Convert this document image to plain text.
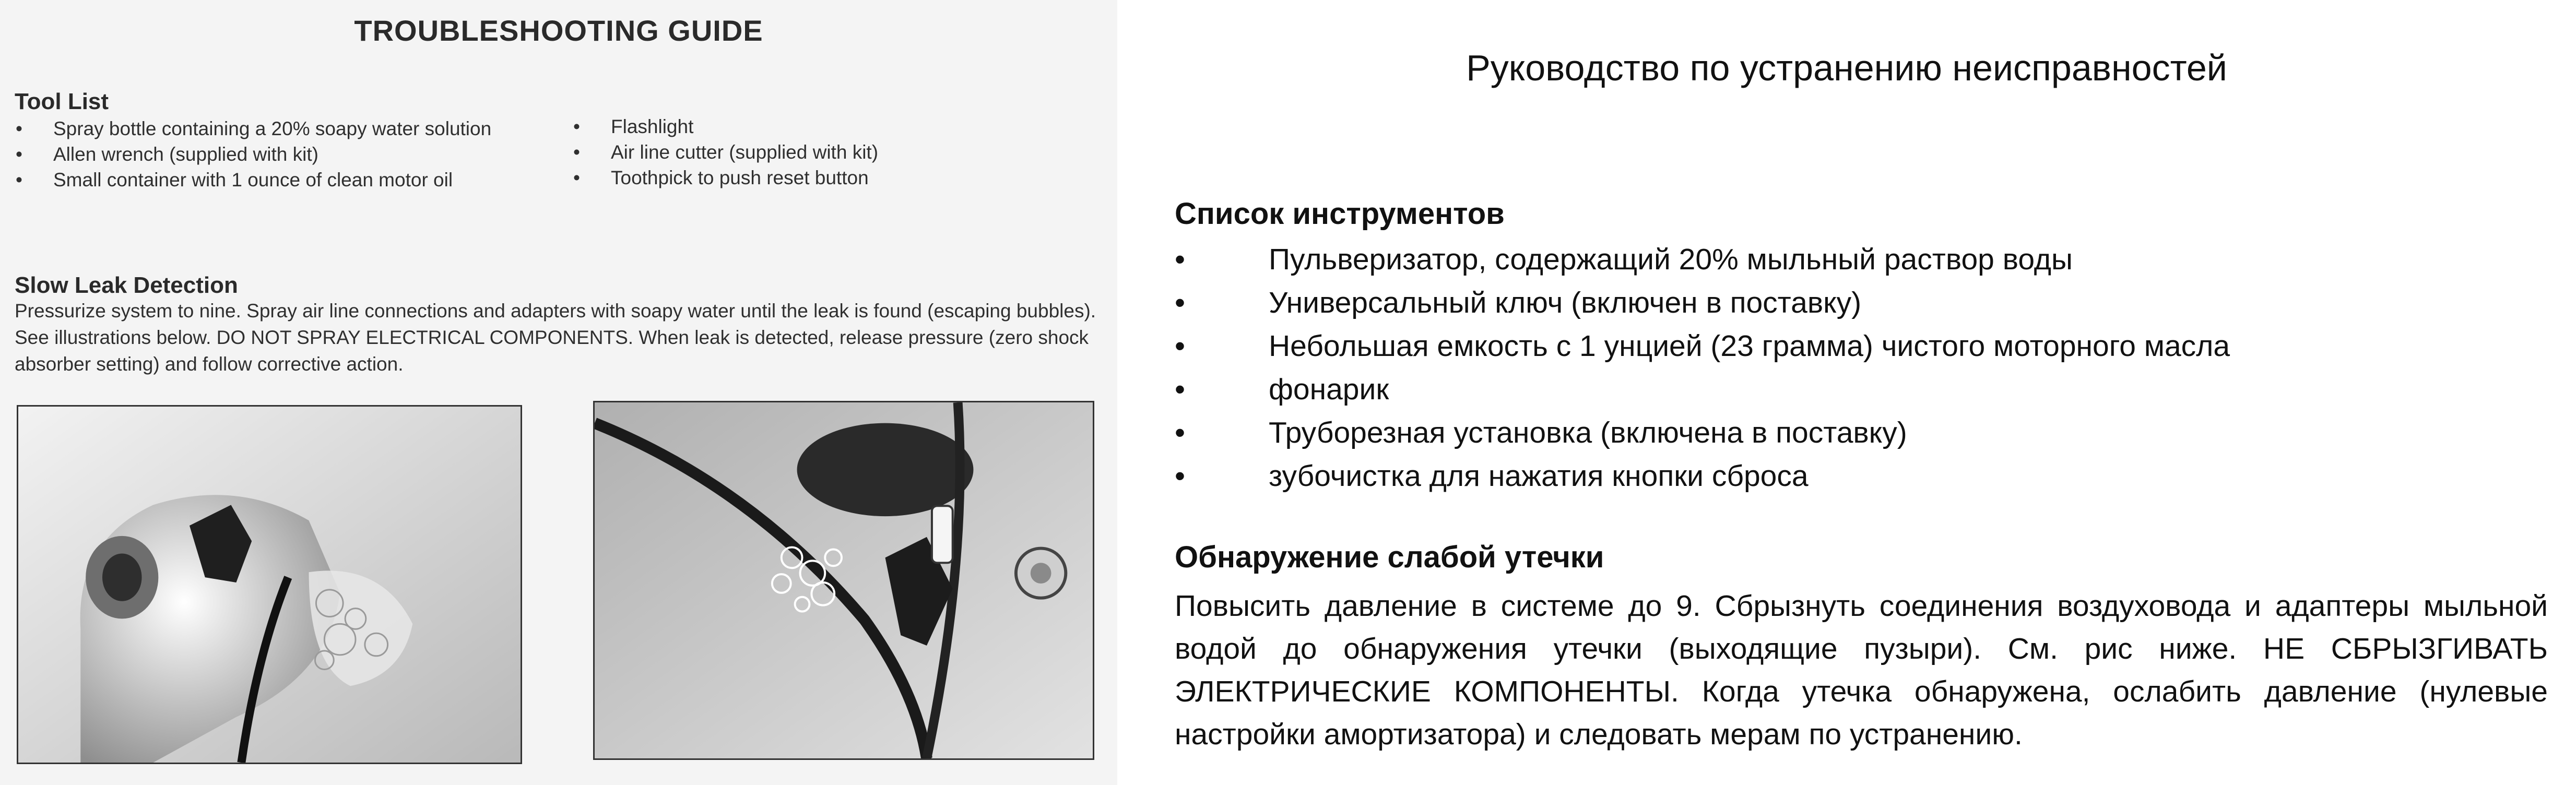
TROUBLESHOOTING GUIDE
Tool List
•	Spray bottle containing a 20% soapy water solution
•	Allen wrench (supplied with kit)
•	Small container with 1 ounce of clean motor oil
•	Flashlight
•	Air line cutter (supplied with kit)
•	Toothpick to push reset button
Slow Leak Detection
Pressurize system to nine. Spray air line connections and adapters with soapy water until the leak is found (escaping bubbles). See illustrations below. DO NOT SPRAY ELECTRICAL COMPONENTS. When leak is detected, release pressure (zero shock absorber setting) and follow corrective action.
Руководство по устранению неисправностей
Список инструментов
•	Пульверизатор, содержащий 20% мыльный раствор воды
•	Универсальный ключ (включен в поставку)
•	Небольшая емкость с 1 унцией (23 грамма) чистого моторного масла
•	фонарик
•	Труборезная установка (включена в поставку)
•	зубочистка для нажатия кнопки сброса
Обнаружение слабой утечки
Повысить давление в системе до 9. Сбрызнуть соединения воздуховода и адаптеры мыльной водой до обнаружения утечки (выходящие пузыри). См. рис ниже. НЕ СБРЫЗГИВАТЬ ЭЛЕКТРИЧЕСКИЕ КОМПОНЕНТЫ. Когда утечка обнаружена, ослабить давление (нулевые настройки амортизатора) и следовать мерам по устранению.
